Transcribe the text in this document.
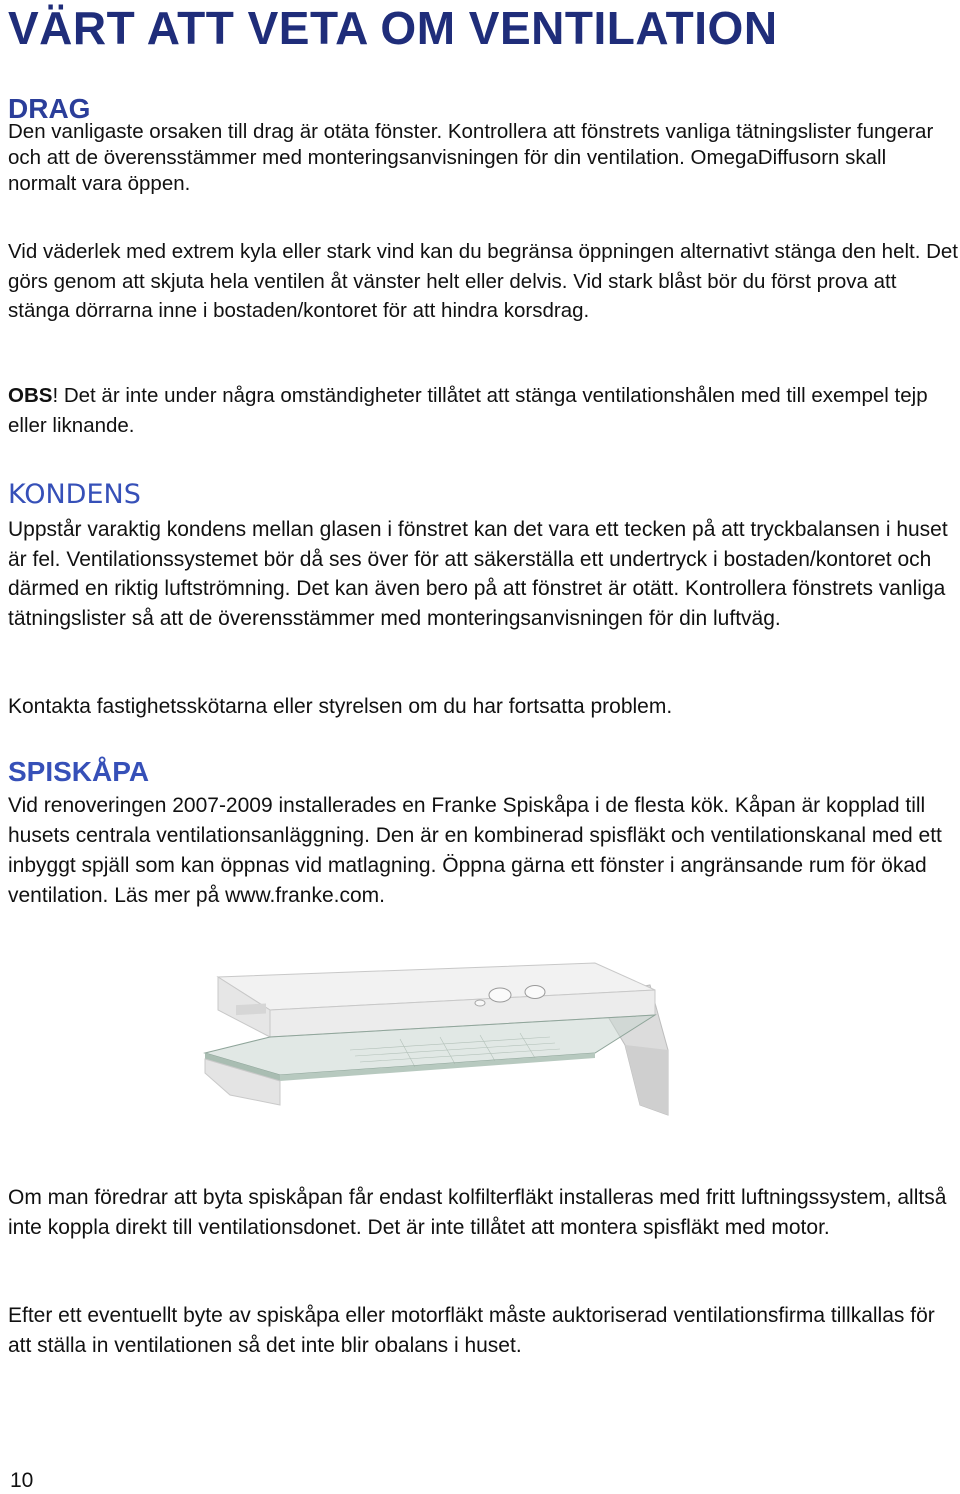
VÄRT ATT VETA OM VENTILATION
DRAG

Den vanligaste orsaken till drag är otäta fönster. Kontrollera att fönstrets vanliga tätningslister fungerar och att de överensstämmer med monteringsanvisningen för din ventilation. OmegaDiffusorn skall normalt vara öppen.

Vid väderlek med extrem kyla eller stark vind kan du begränsa öppningen alternativt stänga den helt. Det görs genom att skjuta hela ventilen åt vänster helt eller delvis. Vid stark blåst bör du först prova att stänga dörrarna inne i bostaden/kontoret för att hindra korsdrag.

OBS! Det är inte under några omständigheter tillåtet att stänga ventilationshålen med till exempel tejp eller liknande.

KONDENS

Uppstår varaktig kondens mellan glasen i fönstret kan det vara ett tecken på att tryckbalansen i huset är fel. Ventilationssystemet bör då ses över för att säkerställa ett undertryck i bostaden/kontoret och därmed en riktig luftströmning. Det kan även bero på att fönstret är otätt. Kontrollera fönstrets vanliga tätningslister så att de överensstämmer med monteringsanvisningen för din luftväg.

Kontakta fastighetsskötarna eller styrelsen om du har fortsatta problem.

SPISKÅPA

Vid renoveringen 2007-2009 installerades en Franke Spiskåpa i de flesta kök. Kåpan är kopplad till husets centrala ventilationsanläggning. Den är en kombinerad spisfläkt och ventilationskanal med ett inbyggt spjäll som kan öppnas vid matlagning. Öppna gärna ett fönster i angränsande rum för ökad ventilation. Läs mer på www.franke.com.

Om man föredrar att byta spiskåpan får endast kolfilterfläkt installeras med fritt luftningssystem, alltså inte koppla direkt till ventilationsdonet. Det är inte tillåtet att montera spisfläkt med motor.

Efter ett eventuellt byte av spiskåpa eller motorfläkt måste auktoriserad ventilationsfirma tillkallas för att ställa in ventilationen så det inte blir obalans i huset.

10
